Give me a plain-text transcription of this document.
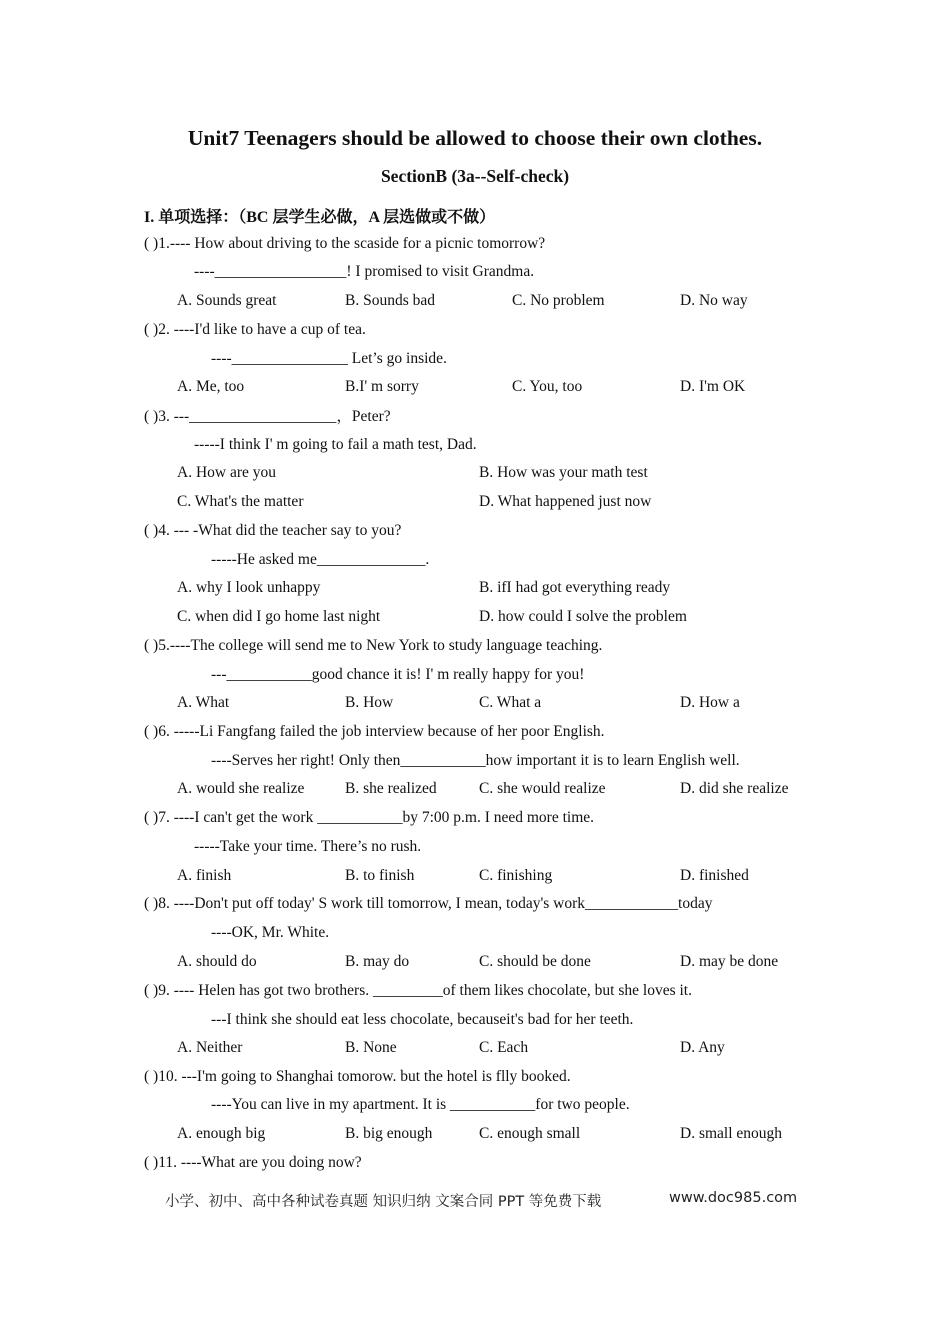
Unit7 Teenagers should be allowed to choose their own clothes.
SectionB (3a--Self-check)
I. 单项选择：（BC 层学生必做，A 层选做或不做）
( )1.---- How about driving to the scaside for a picnic tomorrow?
----_________________! I promised to visit Grandma.
A. Sounds great	B. Sounds bad	C. No problem	D. No way
( )2. ----I'd like to have a cup of tea.
----_______________ Let’s go inside.
A. Me, too	B.I' m sorry	C. You, too	D. I'm OK
( )3. ---___________________，Peter?
-----I think I' m going to fail a math test, Dad.
A. How are you	B. How was your math test
C. What's the matter	D. What happened just now
( )4. --- -What did the teacher say to you?
-----He asked me______________.
A. why I look unhappy	B. ifI had got everything ready
C. when did I go home last night	D. how could I solve the problem
( )5.----The college will send me to New York to study language teaching.
---___________good chance it is! I' m really happy for you!
A. What	B. How	C. What a	D. How a
( )6. -----Li Fangfang failed the job interview because of her poor English.
----Serves her right! Only then___________how important it is to learn English well.
A. would she realize	B. she realized	C. she would realize	D. did she realize
( )7. ----I can't get the work ___________by 7:00 p.m. I need more time.
-----Take your time. There’s no rush.
A. finish	B. to finish	C. finishing	D. finished
( )8. ----Don't put off today' S work till tomorrow, I mean, today's work____________today
----OK, Mr. White.
A. should do	B. may do	C. should be done	D. may be done
( )9. ---- Helen has got two brothers. _________of them likes chocolate, but she loves it.
---I think she should eat less chocolate, becauseit's bad for her teeth.
A. Neither	B. None	C. Each	D. Any
( )10. ---I'm going to Shanghai tomorow. but the hotel is flly booked.
----You can live in my apartment. It is ___________for two people.
A. enough big	B. big enough	C. enough small	D. small enough
( )11. ----What are you doing now?
小学、初中、高中各种试卷真题 知识归纳 文案合同 PPT 等免费下载	www.doc985.com
